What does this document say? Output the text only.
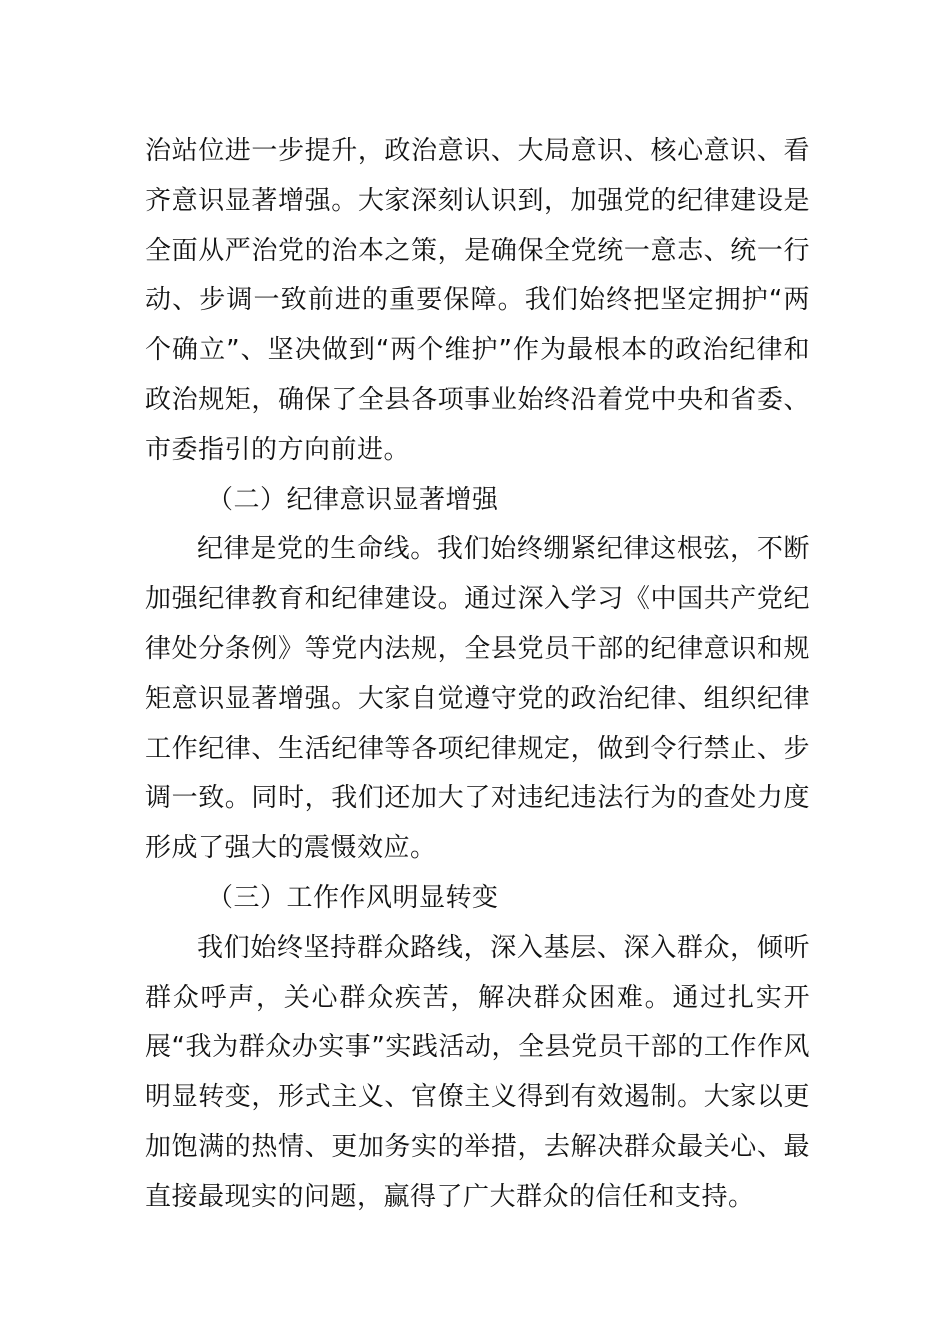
治站位进一步提升，政治意识、大局意识、核心意识、看齐意识显著增强。大家深刻认识到，加强党的纪律建设是全面从严治党的治本之策，是确保全党统一意志、统一行动、步调一致前进的重要保障。我们始终把坚定拥护“两个确立”、坚决做到“两个维护”作为最根本的政治纪律和政治规矩，确保了全县各项事业始终沿着党中央和省委、市委指引的方向前进。

（二）纪律意识显著增强

纪律是党的生命线。我们始终绷紧纪律这根弦，不断加强纪律教育和纪律建设。通过深入学习《中国共产党纪律处分条例》等党内法规，全县党员干部的纪律意识和规矩意识显著增强。大家自觉遵守党的政治纪律、组织纪律工作纪律、生活纪律等各项纪律规定，做到令行禁止、步调一致。同时，我们还加大了对违纪违法行为的查处力度形成了强大的震慑效应。

（三）工作作风明显转变

我们始终坚持群众路线，深入基层、深入群众，倾听群众呼声，关心群众疾苦，解决群众困难。通过扎实开展“我为群众办实事”实践活动，全县党员干部的工作作风明显转变，形式主义、官僚主义得到有效遏制。大家以更加饱满的热情、更加务实的举措，去解决群众最关心、最直接最现实的问题，赢得了广大群众的信任和支持。
